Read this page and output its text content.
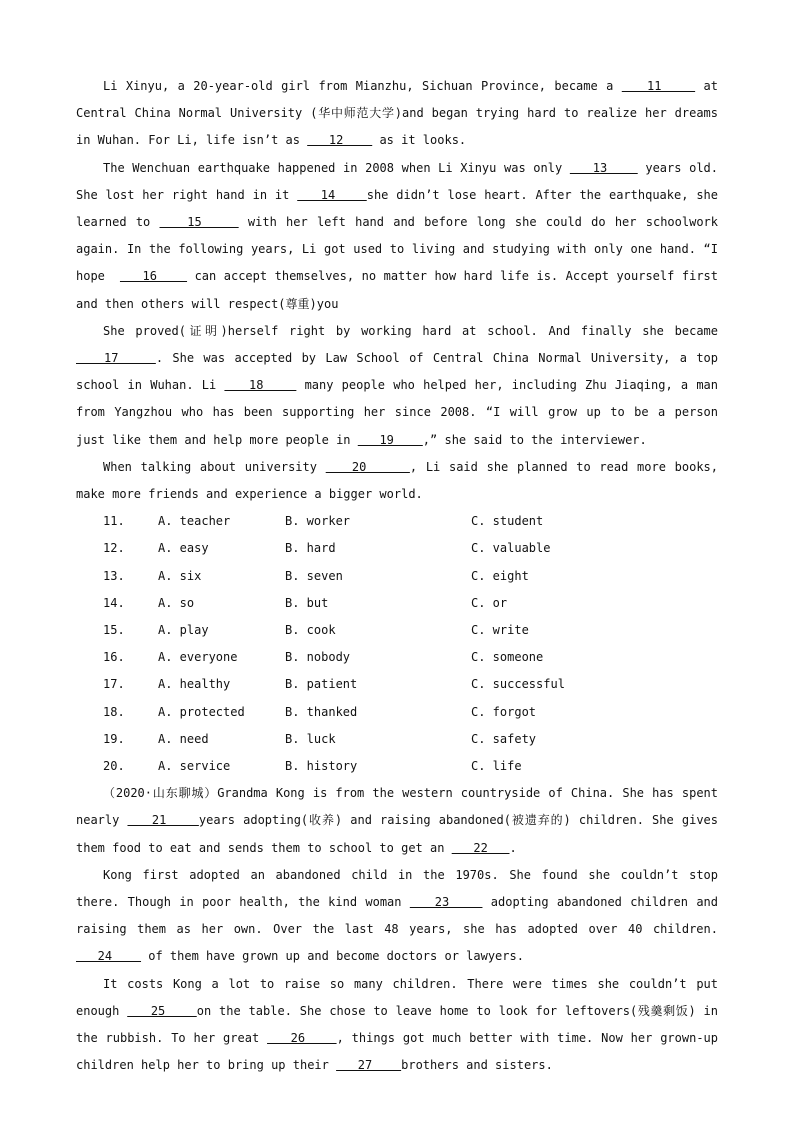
Li Xinyu, a 20-year-old girl from Mianzhu, Sichuan Province, became a    11     at Central China Normal University (华中师范大学)and began trying hard to realize her dreams in Wuhan. For Li, life isn’t as    12     as it looks.

The Wenchuan earthquake happened in 2008 when Li Xinyu was only    13     years old. She lost her right hand in it    14    she didn’t lose heart. After the earthquake, she learned to    15     with her left hand and before long she could do her schoolwork again. In the following years, Li got used to living and studying with only one hand. “I hope     16     can accept themselves, no matter how hard life is. Accept yourself first and then others will respect(尊重)you

She proved(证明)herself right by working hard at school. And finally she became    17    . She was accepted by Law School of Central China Normal University, a top school in Wuhan. Li    18     many people who helped her, including Zhu Jiaqing, a man from Yangzhou who has been supporting her since 2008. “I will grow up to be a person just like them and help more people in    19    ,” she said to the interviewer.

When talking about university    20     , Li said she planned to read more books, make more friends and experience a bigger world.

11.	A. teacher	B. worker	C. student
12.	A. easy	B. hard	C. valuable
13.	A. six	B. seven	C. eight
14.	A. so	B. but	C. or
15.	A. play	B. cook	C. write
16.	A. everyone	B. nobody	C. someone
17.	A. healthy	B. patient	C. successful
18.	A. protected	B. thanked	C. forgot
19.	A. need	B. luck	C. safety
20.	A. service	B. history	C. life

（2020·山东聊城）Grandma Kong is from the western countryside of China. She has spent nearly    21    years adopting(收养) and raising abandoned(被遗弃的) children. She gives them food to eat and sends them to school to get an    22   .

Kong first adopted an abandoned child in the 1970s. She found she couldn’t stop there. Though in poor health, the kind woman    23     adopting abandoned children and raising them as her own. Over the last 48 years, she has adopted over 40 children.    24     of them have grown up and become doctors or lawyers.

It costs Kong a lot to raise so many children. There were times she couldn’t put enough    25    on the table. She chose to leave home to look for leftovers(残羹剩饭) in the rubbish. To her great    26    , things got much better with time. Now her grown-up children help her to bring up their    27    brothers and sisters.
